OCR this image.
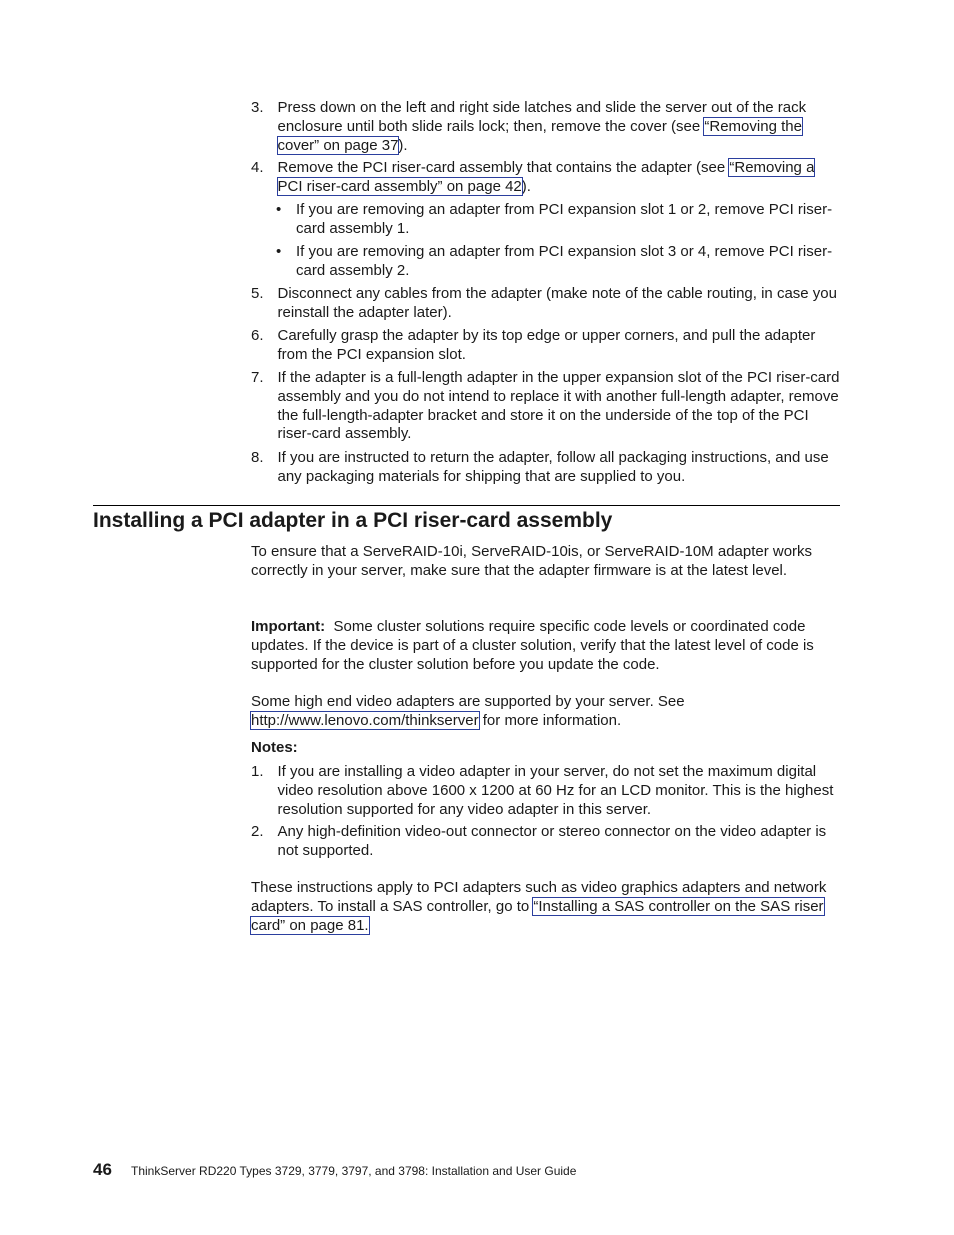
3. Press down on the left and right side latches and slide the server out of the rack enclosure until both slide rails lock; then, remove the cover (see “Removing the cover” on page 37).
4. Remove the PCI riser-card assembly that contains the adapter (see “Removing a PCI riser-card assembly” on page 42).
• If you are removing an adapter from PCI expansion slot 1 or 2, remove PCI riser-card assembly 1.
• If you are removing an adapter from PCI expansion slot 3 or 4, remove PCI riser-card assembly 2.
5. Disconnect any cables from the adapter (make note of the cable routing, in case you reinstall the adapter later).
6. Carefully grasp the adapter by its top edge or upper corners, and pull the adapter from the PCI expansion slot.
7. If the adapter is a full-length adapter in the upper expansion slot of the PCI riser-card assembly and you do not intend to replace it with another full-length adapter, remove the full-length-adapter bracket and store it on the underside of the top of the PCI riser-card assembly.
8. If you are instructed to return the adapter, follow all packaging instructions, and use any packaging materials for shipping that are supplied to you.
Installing a PCI adapter in a PCI riser-card assembly
To ensure that a ServeRAID-10i, ServeRAID-10is, or ServeRAID-10M adapter works correctly in your server, make sure that the adapter firmware is at the latest level.
Important: Some cluster solutions require specific code levels or coordinated code updates. If the device is part of a cluster solution, verify that the latest level of code is supported for the cluster solution before you update the code.
Some high end video adapters are supported by your server. See
http://www.lenovo.com/thinkserver for more information.
Notes:
1. If you are installing a video adapter in your server, do not set the maximum digital video resolution above 1600 x 1200 at 60 Hz for an LCD monitor. This is the highest resolution supported for any video adapter in this server.
2. Any high-definition video-out connector or stereo connector on the video adapter is not supported.
These instructions apply to PCI adapters such as video graphics adapters and network adapters. To install a SAS controller, go to “Installing a SAS controller on the SAS riser card” on page 81.
46 ThinkServer RD220 Types 3729, 3779, 3797, and 3798: Installation and User Guide
